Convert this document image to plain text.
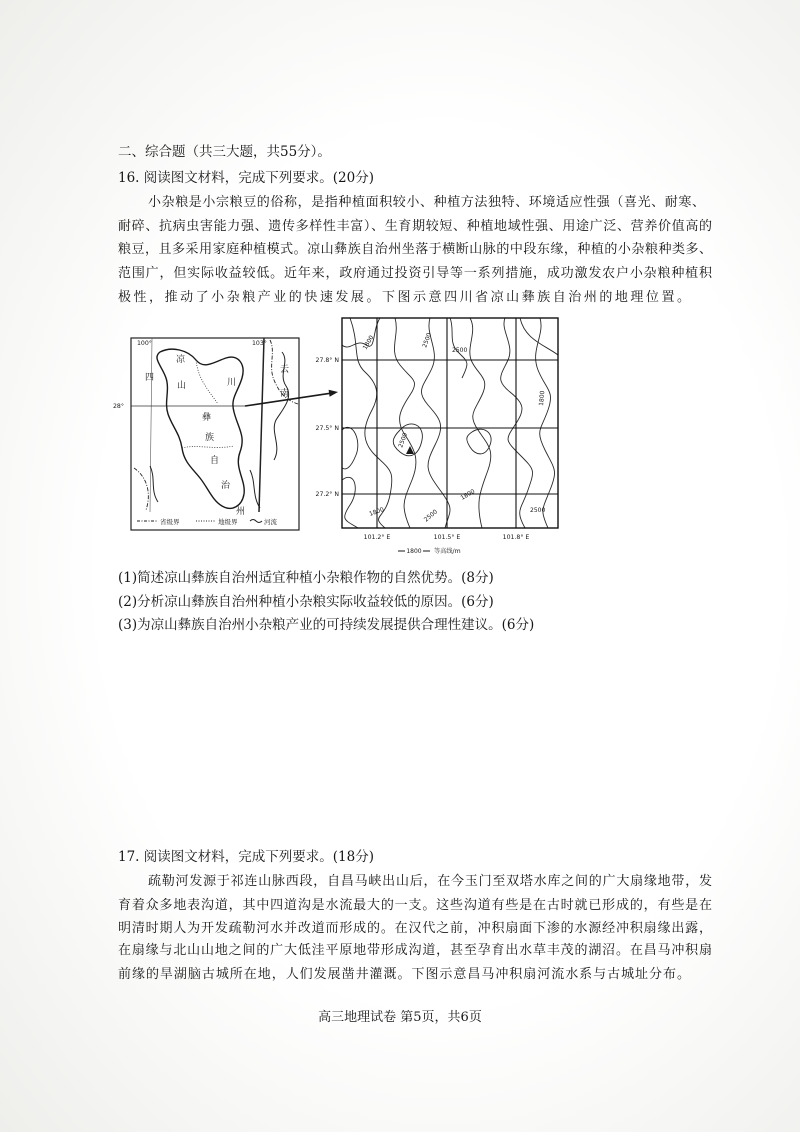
二、综合题（共三大题，共55分）。
16. 阅读图文材料，完成下列要求。(20分)
小杂粮是小宗粮豆的俗称，是指种植面积较小、种植方法独特、环境适应性强（喜光、耐寒、
耐碎、抗病虫害能力强、遗传多样性丰富）、生育期较短、种植地域性强、用途广泛、营养价值高的
粮豆，且多采用家庭种植模式。凉山彝族自治州坐落于横断山脉的中段东缘，种植的小杂粮种类多、
范围广，但实际收益较低。近年来，政府通过投资引导等一系列措施，成功激发农户小杂粮种植积
极性，推动了小杂粮产业的快速发展。下图示意四川省凉山彝族自治州的地理位置。
100°	103°
28°
四	川
凉
山
彝
族
自
治
州
云
南
省级界	地级界	河流
1800	2500
2500
1800
2500
1800	2500
1800
2500
27.8° N
27.5° N
27.2° N
101.2° E	101.5° E	101.8° E
1800 等高线/m
(1)简述凉山彝族自治州适宜种植小杂粮作物的自然优势。(8分)
(2)分析凉山彝族自治州种植小杂粮实际收益较低的原因。(6分)
(3)为凉山彝族自治州小杂粮产业的可持续发展提供合理性建议。(6分)
17. 阅读图文材料，完成下列要求。(18分)
疏勒河发源于祁连山脉西段，自昌马峡出山后，在今玉门至双塔水库之间的广大扇缘地带，发
育着众多地表沟道，其中四道沟是水流最大的一支。这些沟道有些是在古时就已形成的，有些是在
明清时期人为开发疏勒河水并改道而形成的。在汉代之前，冲积扇面下渗的水源经冲积扇缘出露，
在扇缘与北山山地之间的广大低洼平原地带形成沟道，甚至孕育出水草丰茂的湖沼。在昌马冲积扇
前缘的旱湖脑古城所在地，人们发展凿井灌溉。下图示意昌马冲积扇河流水系与古城址分布。
高三地理试卷 第5页，共6页
